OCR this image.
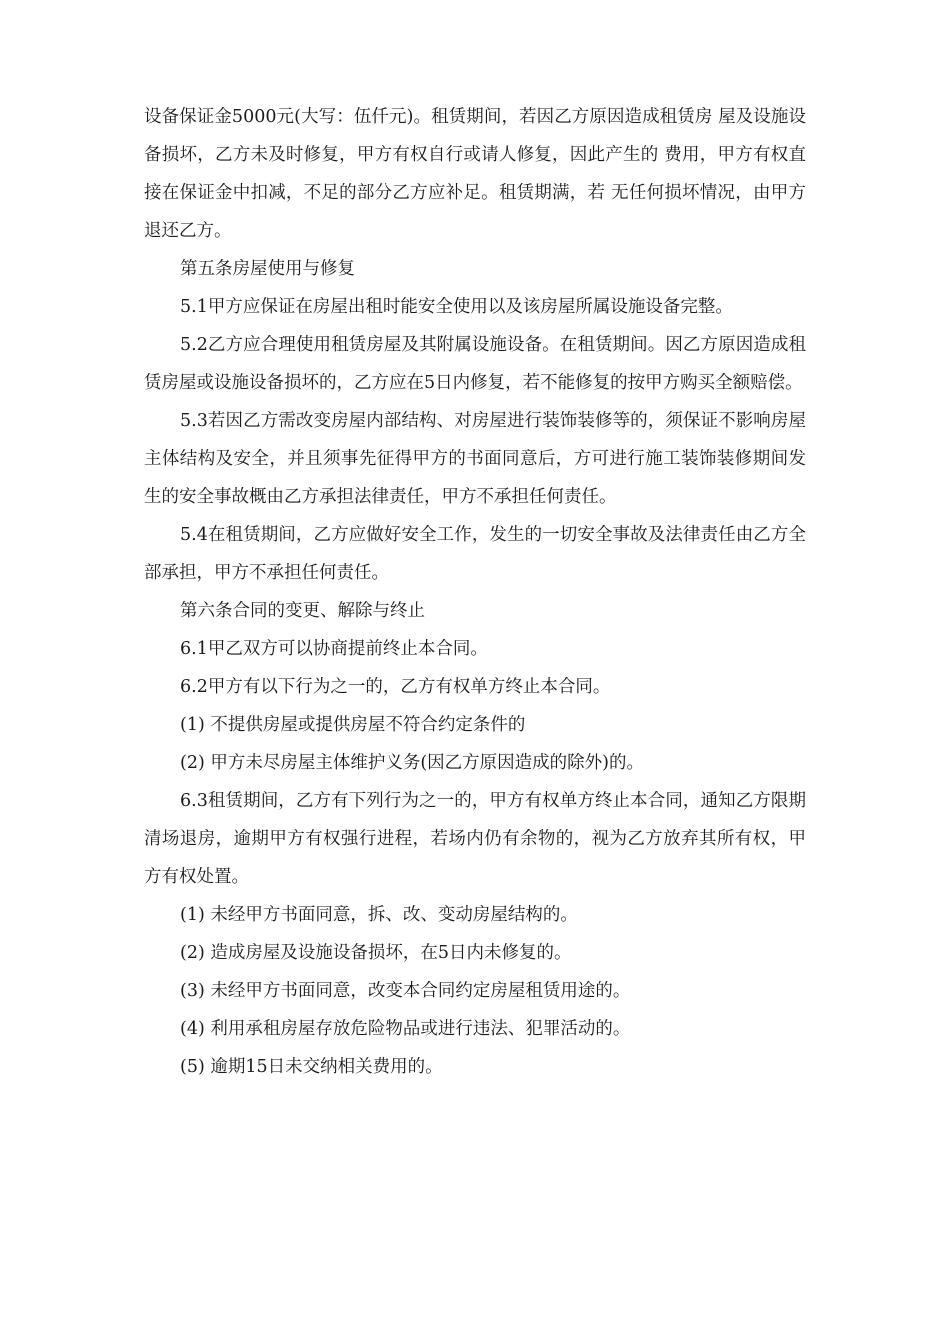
设备保证金5000元(大写：伍仟元)。租赁期间，若因乙方原因造成租赁房 屋及设施设备损坏，乙方未及时修复，甲方有权自行或请人修复，因此产生的 费用，甲方有权直接在保证金中扣减，不足的部分乙方应补足。租赁期满，若 无任何损坏情况，由甲方退还乙方。

第五条房屋使用与修复

5.1甲方应保证在房屋出租时能安全使用以及该房屋所属设施设备完整。

5.2乙方应合理使用租赁房屋及其附属设施设备。在租赁期间。因乙方原因造成租赁房屋或设施设备损坏的，乙方应在5日内修复，若不能修复的按甲方购买全额赔偿。

5.3若因乙方需改变房屋内部结构、对房屋进行装饰装修等的，须保证不影响房屋主体结构及安全，并且须事先征得甲方的书面同意后，方可进行施工装饰装修期间发生的安全事故概由乙方承担法律责任，甲方不承担任何责任。

5.4在租赁期间，乙方应做好安全工作，发生的一切安全事故及法律责任由乙方全部承担，甲方不承担任何责任。

第六条合同的变更、解除与终止

6.1甲乙双方可以协商提前终止本合同。

6.2甲方有以下行为之一的，乙方有权单方终止本合同。

(1) 不提供房屋或提供房屋不符合约定条件的

(2) 甲方未尽房屋主体维护义务(因乙方原因造成的除外)的。

6.3租赁期间，乙方有下列行为之一的，甲方有权单方终止本合同，通知乙方限期清场退房，逾期甲方有权强行进程，若场内仍有余物的，视为乙方放弃其所有权，甲方有权处置。

(1) 未经甲方书面同意，拆、改、变动房屋结构的。

(2) 造成房屋及设施设备损坏，在5日内未修复的。

(3) 未经甲方书面同意，改变本合同约定房屋租赁用途的。

(4) 利用承租房屋存放危险物品或进行违法、犯罪活动的。

(5) 逾期15日未交纳相关费用的。
